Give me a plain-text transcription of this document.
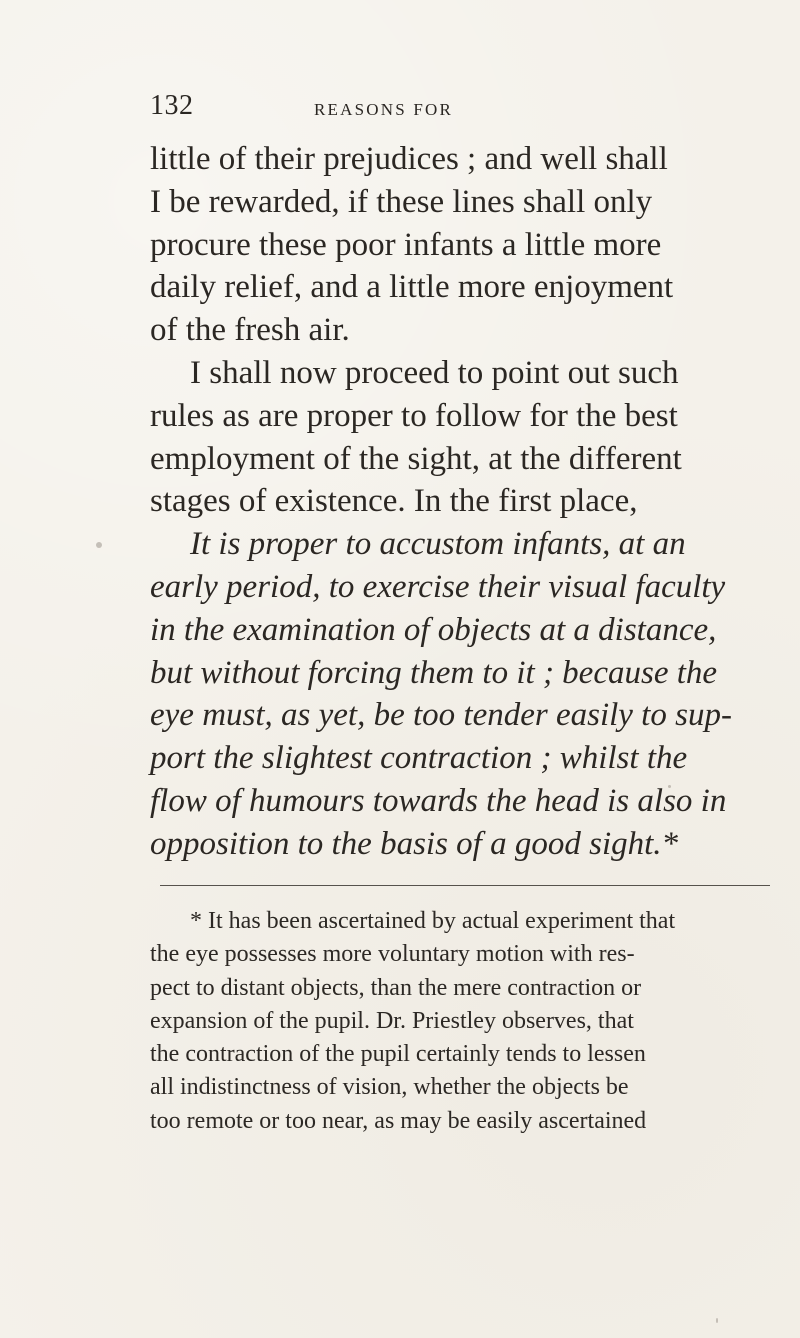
132	REASONS FOR
little of their prejudices ; and well shall
I be rewarded, if these lines shall only
procure these poor infants a little more
daily relief, and a little more enjoyment
of the fresh air.
I shall now proceed to point out such
rules as are proper to follow for the best
employment of the sight, at the different
stages of existence. In the first place,
It is proper to accustom infants, at an
early period, to exercise their visual faculty
in the examination of objects at a distance,
but without forcing them to it ; because the
eye must, as yet, be too tender easily to sup-
port the slightest contraction ; whilst the
flow of humours towards the head is also in
opposition to the basis of a good sight.*
* It has been ascertained by actual experiment that
the eye possesses more voluntary motion with res-
pect to distant objects, than the mere contraction or
expansion of the pupil. Dr. Priestley observes, that
the contraction of the pupil certainly tends to lessen
all indistinctness of vision, whether the objects be
too remote or too near, as may be easily ascertained
